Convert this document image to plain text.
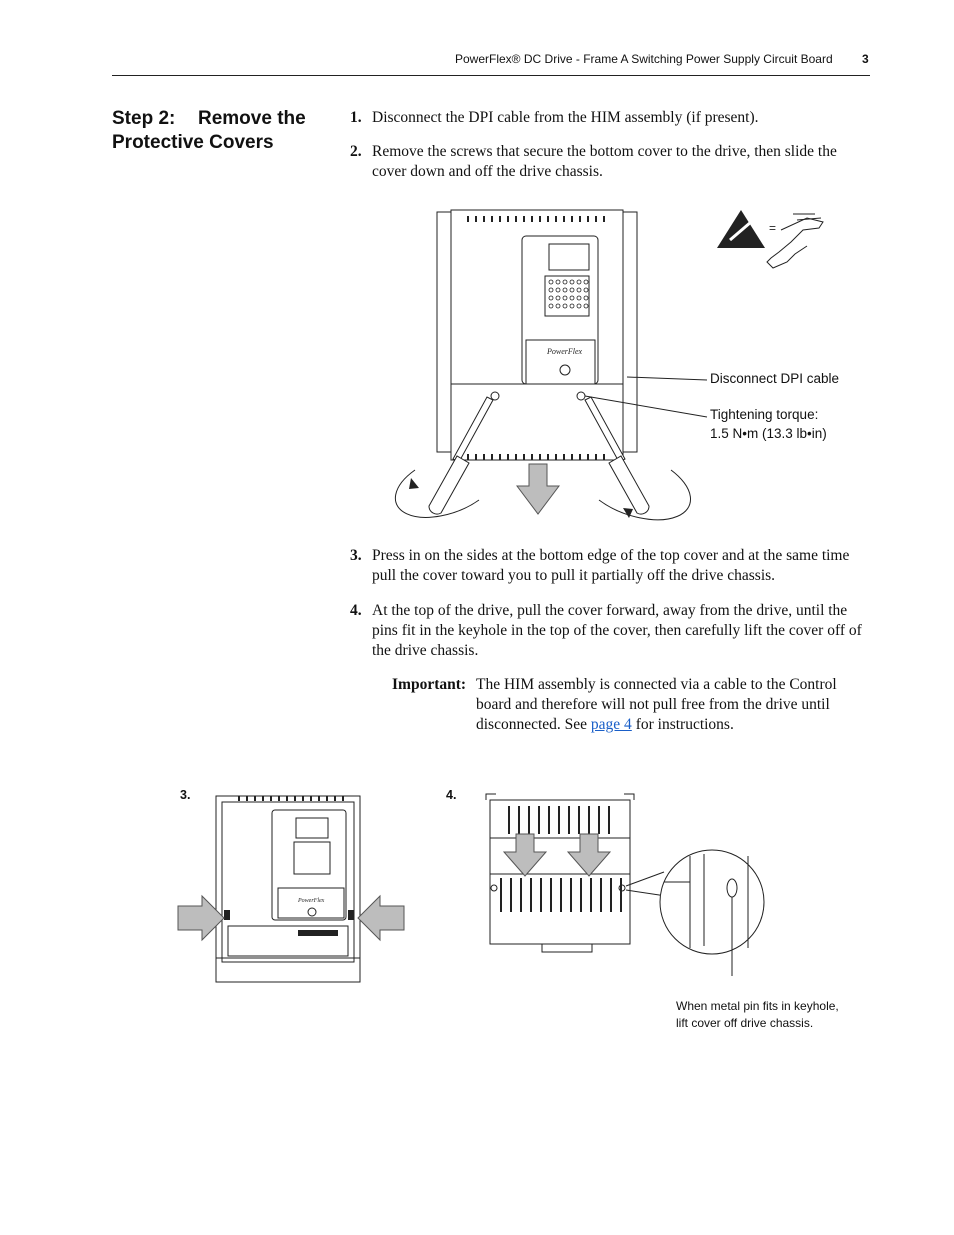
PowerFlex® DC Drive - Frame A Switching Power Supply Circuit Board 3
Step 2: Remove the
Protective Covers
1. Disconnect the DPI cable from the HIM assembly (if present).
2. Remove the screws that secure the bottom cover to the drive, then slide the cover down and off the drive chassis.
PowerFlex
=
Disconnect DPI cable
Tightening torque:
1.5 N•m (13.3 lb•in)
3. Press in on the sides at the bottom edge of the top cover and at the same time pull the cover toward you to pull it partially off the drive chassis.
4. At the top of the drive, pull the cover forward, away from the drive, until the pins fit in the keyhole in the top of the cover, then carefully lift the cover off of the drive chassis.
Important: The HIM assembly is connected via a cable to the Control board and therefore will not pull free from the drive until disconnected. See page 4 for instructions.
3.	4.
PowerFlex
When metal pin fits in keyhole,
lift cover off drive chassis.
